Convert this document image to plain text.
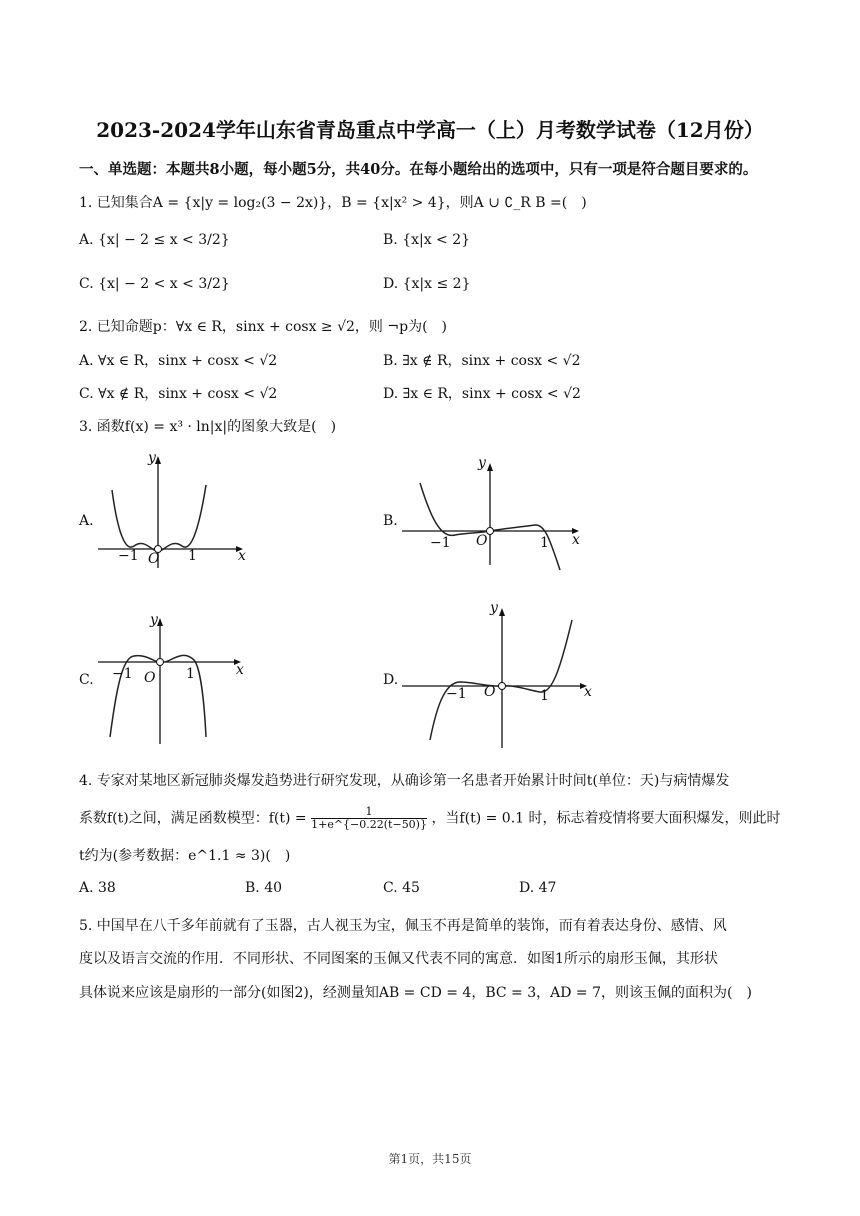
2023-2024学年山东省青岛重点中学高一（上）月考数学试卷（12月份）
一、单选题：本题共8小题，每小题5分，共40分。在每小题给出的选项中，只有一项是符合题目要求的。
1. 已知集合A = {x|y = log₂(3 − 2x)}，B = {x|x² > 4}，则A ∪ ∁_R B =(　)
A. {x| − 2 ≤ x < 3/2}	B. {x|x < 2}
C. {x| − 2 < x < 3/2}	D. {x|x ≤ 2}
2. 已知命题p：∀x ∈ R，sinx + cosx ≥ √2，则 ¬p为(　)
A. ∀x ∈ R，sinx + cosx < √2	B. ∃x ∉ R，sinx + cosx < √2
C. ∀x ∉ R，sinx + cosx < √2	D. ∃x ∈ R，sinx + cosx < √2
3. 函数f(x) = x³ · ln|x|的图象大致是(　)
A.
y
x
O
−1	1
B.
y
x
O
−1	1
C.
y
x
O
−1	1	D.
y
x
O
−1	1
4. 专家对某地区新冠肺炎爆发趋势进行研究发现，从确诊第一名患者开始累计时间t(单位：天)与病情爆发
系数f(t)之间，满足函数模型：$f(t) = \frac{1}{1+e\^{}\{-0.22(t-50)\}}$ ，当f(t) = 0.1 时，标志着疫情将要大面积爆发，则此时
t约为(参考数据：e^1.1 ≈ 3)(　)
A. 38	B. 40	C. 45	D. 47
5. 中国早在八千多年前就有了玉器，古人视玉为宝，佩玉不再是简单的装饰，而有着表达身份、感情、风
度以及语言交流的作用．不同形状、不同图案的玉佩又代表不同的寓意．如图1所示的扇形玉佩，其形状
具体说来应该是扇形的一部分(如图2)，经测量知AB = CD = 4，BC = 3，AD = 7，则该玉佩的面积为(　)
第1页，共15页
